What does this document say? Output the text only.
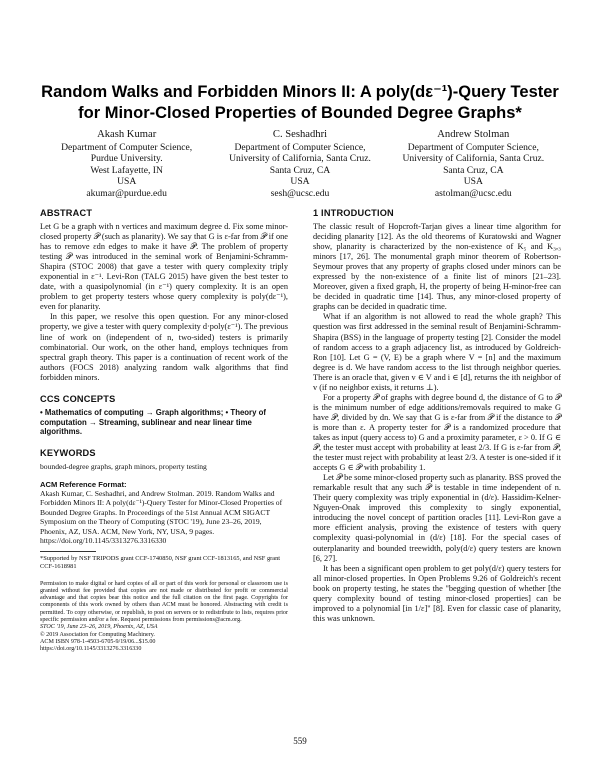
Random Walks and Forbidden Minors II: A poly(dε⁻¹)-Query Tester for Minor-Closed Properties of Bounded Degree Graphs*
Akash Kumar
Department of Computer Science,
Purdue University.
West Lafayette, IN
USA
akumar@purdue.edu
C. Seshadhri
Department of Computer Science,
University of California, Santa Cruz.
Santa Cruz, CA
USA
sesh@ucsc.edu
Andrew Stolman
Department of Computer Science,
University of California, Santa Cruz.
Santa Cruz, CA
USA
astolman@ucsc.edu
ABSTRACT

Let G be a graph with n vertices and maximum degree d. Fix some minor-closed property 𝒫 (such as planarity). We say that G is ε-far from 𝒫 if one has to remove εdn edges to make it have 𝒫. The problem of property testing 𝒫 was introduced in the seminal work of Benjamini-Schramm-Shapira (STOC 2008) that gave a tester with query complexity triply exponential in ε⁻¹. Levi-Ron (TALG 2015) have given the best tester to date, with a quasipolynomial (in ε⁻¹) query complexity. It is an open problem to get property testers whose query complexity is poly(dε⁻¹), even for planarity.

In this paper, we resolve this open question. For any minor-closed property, we give a tester with query complexity d·poly(ε⁻¹). The previous line of work on (independent of n, two-sided) testers is primarily combinatorial. Our work, on the other hand, employs techniques from spectral graph theory. This paper is a continuation of recent work of the authors (FOCS 2018) analyzing random walk algorithms that find forbidden minors.

CCS CONCEPTS
• Mathematics of computing → Graph algorithms; • Theory of computation → Streaming, sublinear and near linear time algorithms.
KEYWORDS
bounded-degree graphs, graph minors, property testing
ACM Reference Format:
Akash Kumar, C. Seshadhri, and Andrew Stolman. 2019. Random Walks and Forbidden Minors II: A poly(dε⁻¹)-Query Tester for Minor-Closed Properties of Bounded Degree Graphs. In Proceedings of the 51st Annual ACM SIGACT Symposium on the Theory of Computing (STOC '19), June 23–26, 2019, Phoenix, AZ, USA. ACM, New York, NY, USA, 9 pages. https://doi.org/10.1145/3313276.3316330
*Supported by NSF TRIPODS grant CCF-1740850, NSF grant CCF-1813165, and NSF grant CCF-1618981
Permission to make digital or hard copies of all or part of this work for personal or classroom use is granted without fee provided that copies are not made or distributed for profit or commercial advantage and that copies bear this notice and the full citation on the first page. Copyrights for components of this work owned by others than ACM must be honored. Abstracting with credit is permitted. To copy otherwise, or republish, to post on servers or to redistribute to lists, requires prior specific permission and/or a fee. Request permissions from permissions@acm.org.
STOC '19, June 23–26, 2019, Phoenix, AZ, USA
© 2019 Association for Computing Machinery.
ACM ISBN 978-1-4503-6705-9/19/06...$15.00
https://doi.org/10.1145/3313276.3316330
1 INTRODUCTION

The classic result of Hopcroft-Tarjan gives a linear time algorithm for deciding planarity [12]. As the old theorems of Kuratowski and Wagner show, planarity is characterized by the non-existence of K₅ and K₃,₃ minors [17, 26]. The monumental graph minor theorem of Robertson-Seymour proves that any property of graphs closed under minors can be expressed by the non-existence of a finite list of minors [21–23]. Moreover, given a fixed graph, H, the property of being H-minor-free can be decided in quadratic time [14]. Thus, any minor-closed property of graphs can be decided in quadratic time.

What if an algorithm is not allowed to read the whole graph? This question was first addressed in the seminal result of Benjamini-Schramm-Shapira (BSS) in the language of property testing [2]. Consider the model of random access to a graph adjacency list, as introduced by Goldreich-Ron [10]. Let G = (V, E) be a graph where V = [n] and the maximum degree is d. We have random access to the list through neighbor queries. There is an oracle that, given v ∈ V and i ∈ [d], returns the ith neighbor of v (if no neighbor exists, it returns ⊥).

For a property 𝒫 of graphs with degree bound d, the distance of G to 𝒫 is the minimum number of edge additions/removals required to make G have 𝒫, divided by dn. We say that G is ε-far from 𝒫 if the distance to 𝒫 is more than ε. A property tester for 𝒫 is a randomized procedure that takes as input (query access to) G and a proximity parameter, ε > 0. If G ∈ 𝒫, the tester must accept with probability at least 2/3. If G is ε-far from 𝒫, the tester must reject with probability at least 2/3. A tester is one-sided if it accepts G ∈ 𝒫 with probability 1.

Let 𝒫 be some minor-closed property such as planarity. BSS proved the remarkable result that any such 𝒫 is testable in time independent of n. Their query complexity was triply exponential in (d/ε). Hassidim-Kelner-Nguyen-Onak improved this complexity to singly exponential, introducing the novel concept of partition oracles [11]. Levi-Ron gave a more efficient analysis, proving the existence of testers with query complexity quasi-polynomial in (d/ε) [18]. For the special cases of outerplanarity and bounded treewidth, poly(d/ε) query testers are known [6, 27].

It has been a significant open problem to get poly(d/ε) query testers for all minor-closed properties. In Open Problems 9.26 of Goldreich's recent book on property testing, he states the "begging question of whether [the query complexity bound of testing minor-closed properties] can be improved to a polynomial [in 1/ε]" [8]. Even for classic case of planarity, this was unknown.

559
